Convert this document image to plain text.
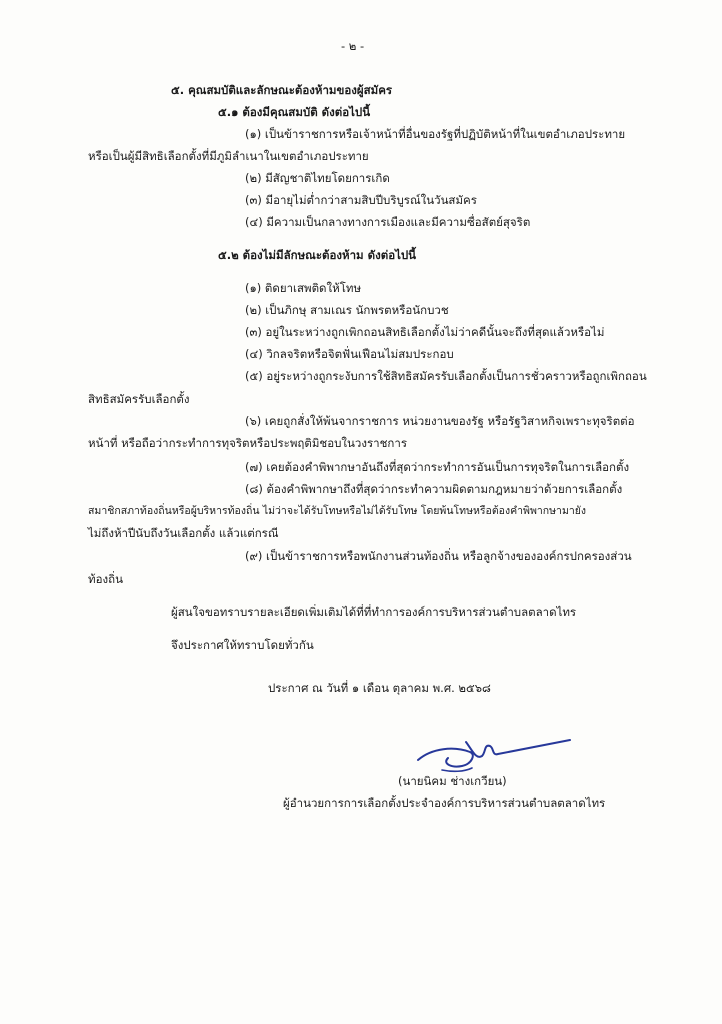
- ๒ -
๕. คุณสมบัติและลักษณะต้องห้ามของผู้สมัคร
๕.๑ ต้องมีคุณสมบัติ ดังต่อไปนี้
(๑) เป็นข้าราชการหรือเจ้าหน้าที่อื่นของรัฐที่ปฏิบัติหน้าที่ในเขตอำเภอประทาย
หรือเป็นผู้มีสิทธิเลือกตั้งที่มีภูมิลำเนาในเขตอำเภอประทาย
(๒) มีสัญชาติไทยโดยการเกิด
(๓) มีอายุไม่ต่ำกว่าสามสิบปีบริบูรณ์ในวันสมัคร
(๔) มีความเป็นกลางทางการเมืองและมีความซื่อสัตย์สุจริต
๕.๒ ต้องไม่มีลักษณะต้องห้าม ดังต่อไปนี้
(๑) ติดยาเสพติดให้โทษ
(๒) เป็นภิกษุ สามเณร นักพรตหรือนักบวช
(๓) อยู่ในระหว่างถูกเพิกถอนสิทธิเลือกตั้งไม่ว่าคดีนั้นจะถึงที่สุดแล้วหรือไม่
(๔) วิกลจริตหรือจิตฟั่นเฟือนไม่สมประกอบ
(๕) อยู่ระหว่างถูกระงับการใช้สิทธิสมัครรับเลือกตั้งเป็นการชั่วคราวหรือถูกเพิกถอน
สิทธิสมัครรับเลือกตั้ง
(๖) เคยถูกสั่งให้พ้นจากราชการ หน่วยงานของรัฐ หรือรัฐวิสาหกิจเพราะทุจริตต่อ
หน้าที่ หรือถือว่ากระทำการทุจริตหรือประพฤติมิชอบในวงราชการ
(๗) เคยต้องคำพิพากษาอันถึงที่สุดว่ากระทำการอันเป็นการทุจริตในการเลือกตั้ง
(๘) ต้องคำพิพากษาถึงที่สุดว่ากระทำความผิดตามกฎหมายว่าด้วยการเลือกตั้ง
สมาชิกสภาท้องถิ่นหรือผู้บริหารท้องถิ่น ไม่ว่าจะได้รับโทษหรือไม่ได้รับโทษ โดยพ้นโทษหรือต้องคำพิพากษามายัง
ไม่ถึงห้าปีนับถึงวันเลือกตั้ง แล้วแต่กรณี
(๙) เป็นข้าราชการหรือพนักงานส่วนท้องถิ่น หรือลูกจ้างขององค์กรปกครองส่วน
ท้องถิ่น
ผู้สนใจขอทราบรายละเอียดเพิ่มเติมได้ที่ที่ทำการองค์การบริหารส่วนตำบลตลาดไทร
จึงประกาศให้ทราบโดยทั่วกัน
ประกาศ ณ วันที่ ๑ เดือน ตุลาคม พ.ศ. ๒๕๖๘
(นายนิคม ช่างเกวียน)
ผู้อำนวยการการเลือกตั้งประจำองค์การบริหารส่วนตำบลตลาดไทร
